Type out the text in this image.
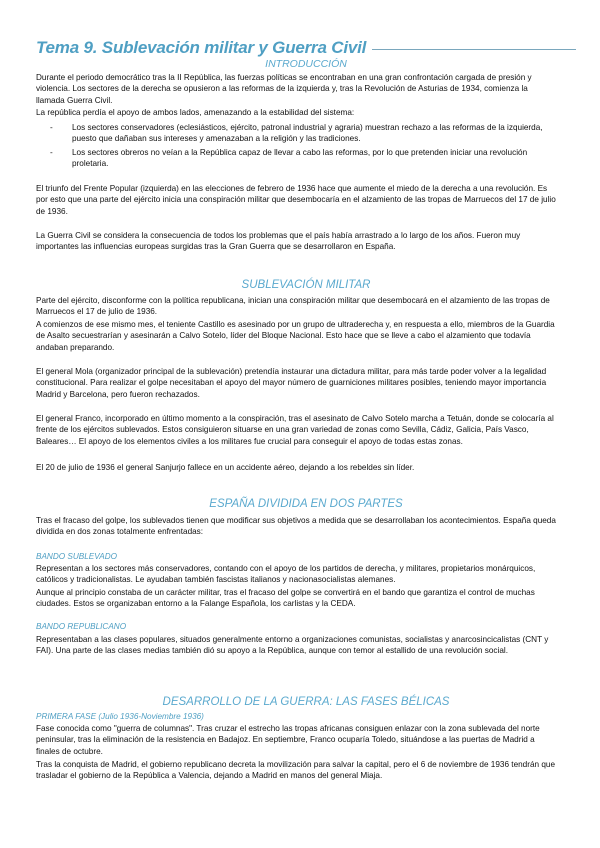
Tema 9. Sublevación militar y Guerra Civil
INTRODUCCIÓN

Durante el periodo democrático tras la II República, las fuerzas políticas se encontraban en una gran confrontación cargada de presión y violencia. Los sectores de la derecha se opusieron a las reformas de la izquierda y, tras la Revolución de Asturias de 1934, comienza la llamada Guerra Civil.

La república perdía el apoyo de ambos lados, amenazando a la estabilidad del sistema:

- Los sectores conservadores (eclesiásticos, ejército, patronal industrial y agraria) muestran rechazo a las reformas de la izquierda, puesto que dañaban sus intereses y amenazaban a la religión y las tradiciones.
- Los sectores obreros no veían a la República capaz de llevar a cabo las reformas, por lo que pretenden iniciar una revolución proletaria.

El triunfo del Frente Popular (izquierda) en las elecciones de febrero de 1936 hace que aumente el miedo de la derecha a una revolución. Es por esto que una parte del ejército inicia una conspiración militar que desembocaría en el alzamiento de las tropas de Marruecos del 17 de julio de 1936.

La Guerra Civil se considera la consecuencia de todos los problemas que el país había arrastrado a lo largo de los años. Fueron muy importantes las influencias europeas surgidas tras la Gran Guerra que se desarrollaron en España.

SUBLEVACIÓN MILITAR

Parte del ejército, disconforme con la política republicana, inician una conspiración militar que desembocará en el alzamiento de las tropas de Marruecos el 17 de julio de 1936.

A comienzos de ese mismo mes, el teniente Castillo es asesinado por un grupo de ultraderecha y, en respuesta a ello, miembros de la Guardia de Asalto secuestrarían y asesinarán a Calvo Sotelo, líder del Bloque Nacional. Esto hace que se lleve a cabo el alzamiento que todavía andaban preparando.

El general Mola (organizador principal de la sublevación) pretendía instaurar una dictadura militar, para más tarde poder volver a la legalidad constitucional. Para realizar el golpe necesitaban el apoyo del mayor número de guarniciones militares posibles, teniendo mayor importancia Madrid y Barcelona, pero fueron rechazados.

El general Franco, incorporado en último momento a la conspiración, tras el asesinato de Calvo Sotelo marcha a Tetuán, donde se colocaría al frente de los ejércitos sublevados. Estos consiguieron situarse en una gran variedad de zonas como Sevilla, Cádiz, Galicia, País Vasco, Baleares… El apoyo de los elementos civiles a los militares fue crucial para conseguir el apoyo de todas estas zonas.

El 20 de julio de 1936 el general Sanjurjo fallece en un accidente aéreo, dejando a los rebeldes sin líder.

ESPAÑA DIVIDIDA EN DOS PARTES

Tras el fracaso del golpe, los sublevados tienen que modificar sus objetivos a medida que se desarrollaban los acontecimientos. España queda dividida en dos zonas totalmente enfrentadas:

BANDO SUBLEVADO

Representan a los sectores más conservadores, contando con el apoyo de los partidos de derecha, y militares, propietarios monárquicos, católicos y tradicionalistas. Le ayudaban también fascistas italianos y nacionasocialistas alemanes.

Aunque al principio constaba de un carácter militar, tras el fracaso del golpe se convertirá en el bando que garantiza el control de muchas ciudades. Estos se organizaban entorno a la Falange Española, los carlistas y la CEDA.

BANDO REPUBLICANO

Representaban a las clases populares, situados generalmente entorno a organizaciones comunistas, socialistas y anarcosincicalistas (CNT y FAI). Una parte de las clases medias también dió su apoyo a la República, aunque con temor al estallido de una revolución social.

DESARROLLO DE LA GUERRA: LAS FASES BÉLICAS
PRIMERA FASE (Julio 1936-Noviembre 1936)

Fase conocida como "guerra de columnas". Tras cruzar el estrecho las tropas africanas consiguen enlazar con la zona sublevada del norte peninsular, tras la eliminación de la resistencia en Badajoz. En septiembre, Franco ocuparía Toledo, situándose a las puertas de Madrid a finales de octubre.

Tras la conquista de Madrid, el gobierno republicano decreta la movilización para salvar la capital, pero el 6 de noviembre de 1936 tendrán que trasladar el gobierno de la República a Valencia, dejando a Madrid en manos del general Miaja.
